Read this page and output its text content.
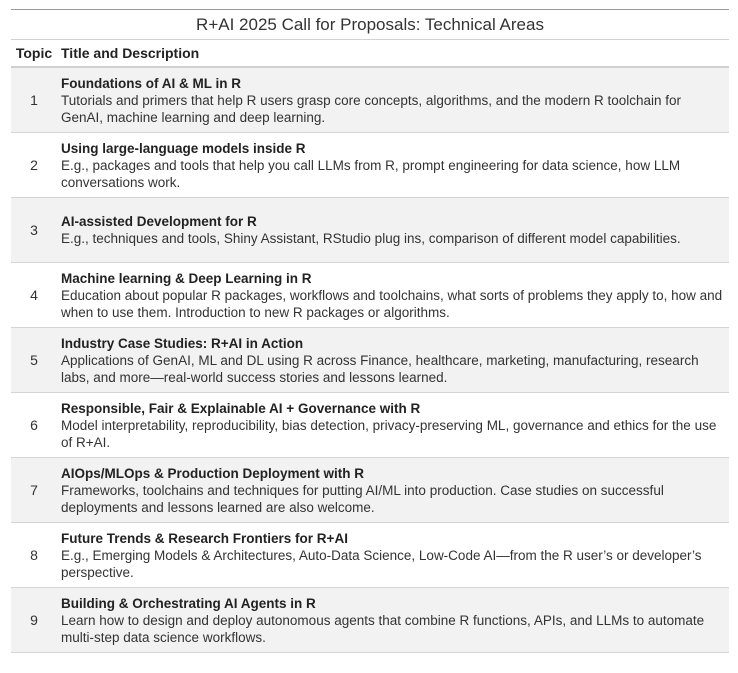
R+AI 2025 Call for Proposals: Technical Areas
Topic Title and Description
1
Foundations of AI & ML in R
Tutorials and primers that help R users grasp core concepts, algorithms, and the modern R toolchain for GenAI, machine learning and deep learning.
2
Using large-language models inside R
E.g., packages and tools that help you call LLMs from R, prompt engineering for data science, how LLM conversations work.
3
AI-assisted Development for R
E.g., techniques and tools, Shiny Assistant, RStudio plug ins, comparison of different model capabilities.
4
Machine learning & Deep Learning in R
Education about popular R packages, workflows and toolchains, what sorts of problems they apply to, how and when to use them. Introduction to new R packages or algorithms.
5
Industry Case Studies: R+AI in Action
Applications of GenAI, ML and DL using R across Finance, healthcare, marketing, manufacturing, research labs, and more—real-world success stories and lessons learned.
6
Responsible, Fair & Explainable AI + Governance with R
Model interpretability, reproducibility, bias detection, privacy-preserving ML, governance and ethics for the use of R+AI.
7
AIOps/MLOps & Production Deployment with R
Frameworks, toolchains and techniques for putting AI/ML into production. Case studies on successful deployments and lessons learned are also welcome.
8
Future Trends & Research Frontiers for R+AI
E.g., Emerging Models & Architectures, Auto-Data Science, Low-Code AI—from the R user’s or developer’s perspective.
9
Building & Orchestrating AI Agents in R
Learn how to design and deploy autonomous agents that combine R functions, APIs, and LLMs to automate multi-step data science workflows.
